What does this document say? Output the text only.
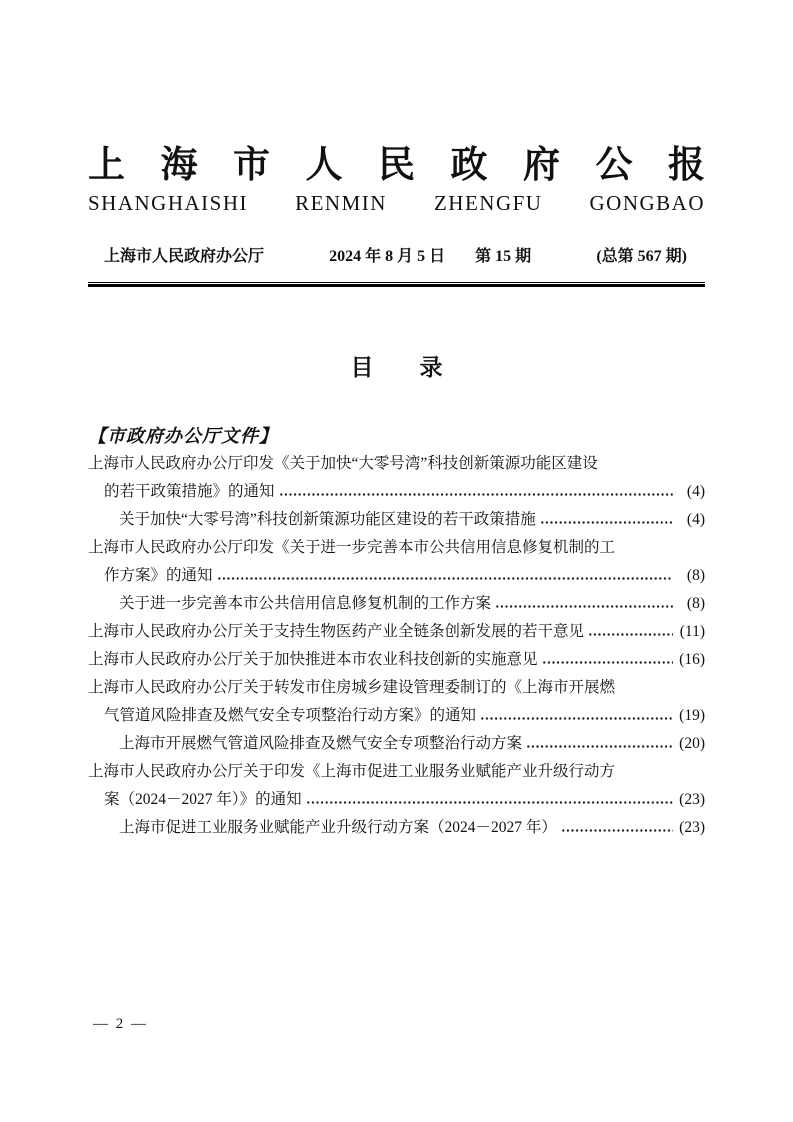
上 海 市 人 民 政 府 公 报
SHANGHAISHI RENMIN ZHENGFU GONGBAO
上海市人民政府办公厅	2024 年 8 月 5 日 第 15 期	(总第 567 期)
目　　录
【市政府办公厅文件】
上海市人民政府办公厅印发《关于加快“大零号湾”科技创新策源功能区建设
的若干政策措施》的通知	(4)
关于加快“大零号湾”科技创新策源功能区建设的若干政策措施	(4)
上海市人民政府办公厅印发《关于进一步完善本市公共信用信息修复机制的工
作方案》的通知	(8)
关于进一步完善本市公共信用信息修复机制的工作方案	(8)
上海市人民政府办公厅关于支持生物医药产业全链条创新发展的若干意见	(11)
上海市人民政府办公厅关于加快推进本市农业科技创新的实施意见	(16)
上海市人民政府办公厅关于转发市住房城乡建设管理委制订的《上海市开展燃
气管道风险排查及燃气安全专项整治行动方案》的通知	(19)
上海市开展燃气管道风险排查及燃气安全专项整治行动方案	(20)
上海市人民政府办公厅关于印发《上海市促进工业服务业赋能产业升级行动方
案（2024－2027 年）》的通知	(23)
上海市促进工业服务业赋能产业升级行动方案（2024－2027 年）	(23)
— 2 —
